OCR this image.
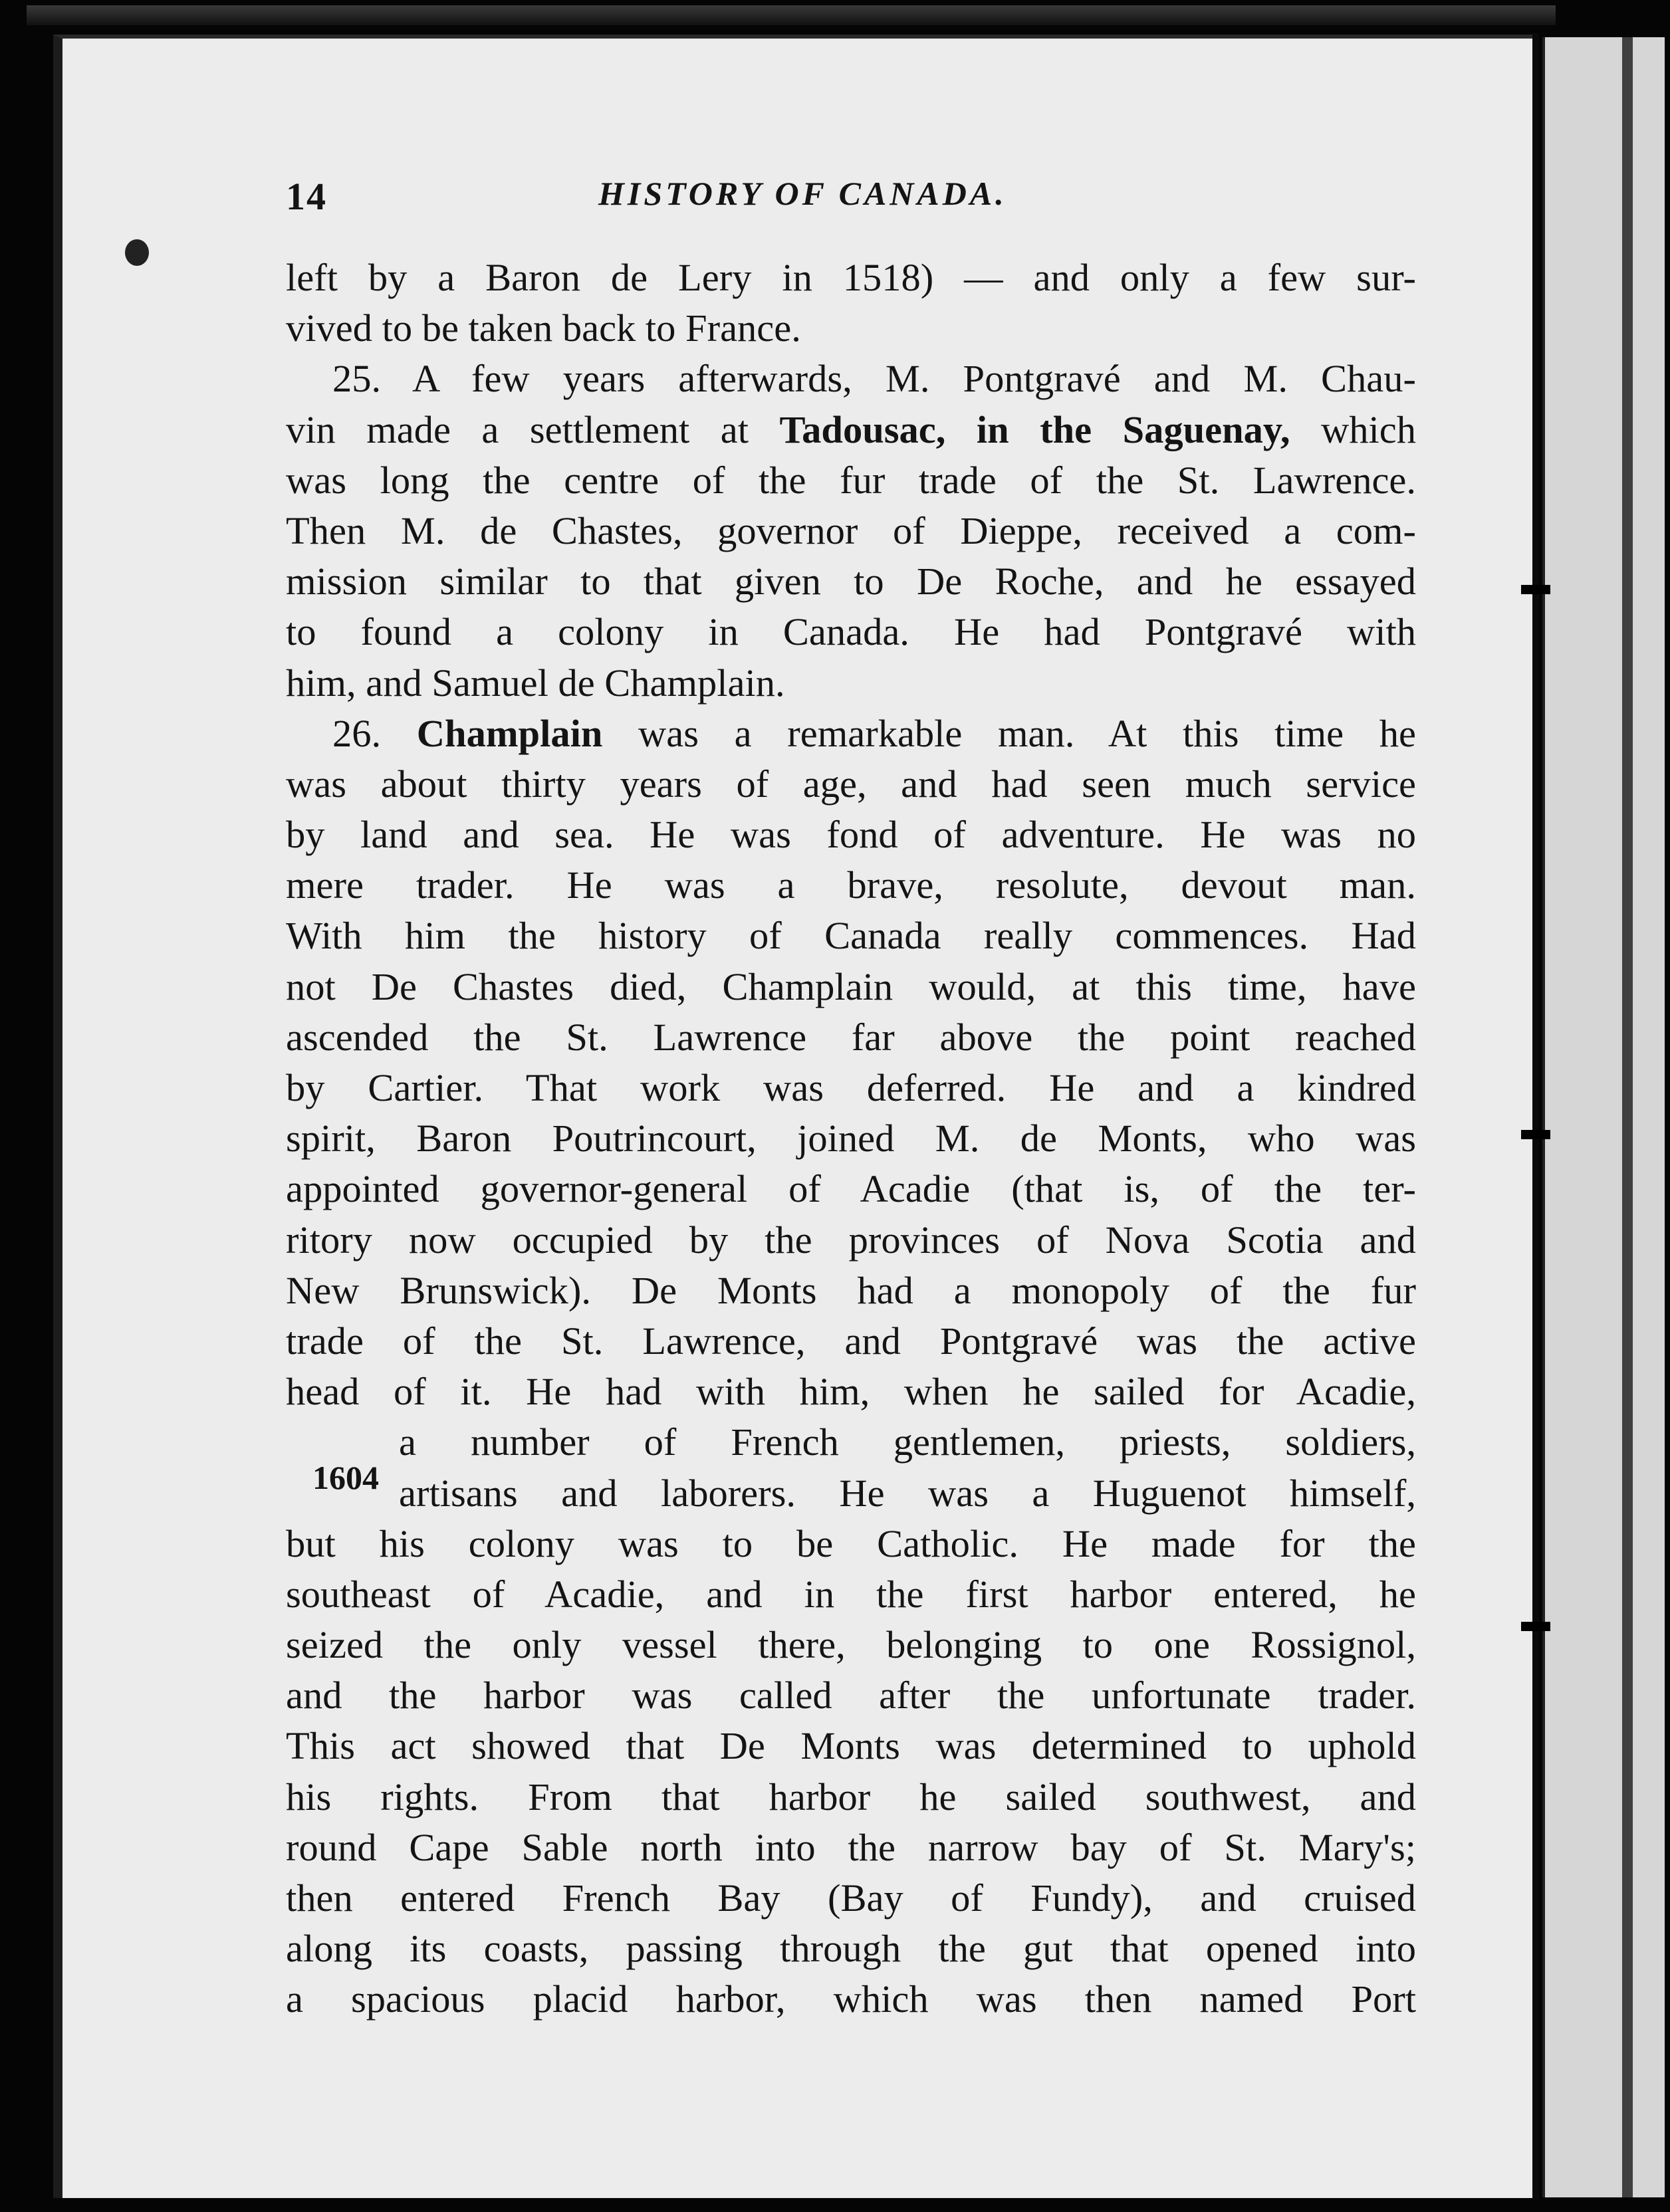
14	HISTORY OF CANADA.
left by a Baron de Lery in 1518) — and only a few sur-
vived to be taken back to France.
25. A few years afterwards, M. Pontgravé and M. Chau-
vin made a settlement at Tadousac, in the Saguenay, which
was long the centre of the fur trade of the St. Lawrence.
Then M. de Chastes, governor of Dieppe, received a com-
mission similar to that given to De Roche, and he essayed
to found a colony in Canada. He had Pontgravé with
him, and Samuel de Champlain.
26. Champlain was a remarkable man. At this time he
was about thirty years of age, and had seen much service
by land and sea. He was fond of adventure. He was no
mere trader. He was a brave, resolute, devout man.
With him the history of Canada really commences. Had
not De Chastes died, Champlain would, at this time, have
ascended the St. Lawrence far above the point reached
by Cartier. That work was deferred. He and a kindred
spirit, Baron Poutrincourt, joined M. de Monts, who was
appointed governor-general of Acadie (that is, of the ter-
ritory now occupied by the provinces of Nova Scotia and
New Brunswick). De Monts had a monopoly of the fur
trade of the St. Lawrence, and Pontgravé was the active
head of it. He had with him, when he sailed for Acadie,
a number of French gentlemen, priests, soldiers,
artisans and laborers. He was a Huguenot himself,
but his colony was to be Catholic. He made for the
southeast of Acadie, and in the first harbor entered, he
seized the only vessel there, belonging to one Rossignol,
and the harbor was called after the unfortunate trader.
This act showed that De Monts was determined to uphold
his rights. From that harbor he sailed southwest, and
round Cape Sable north into the narrow bay of St. Mary's;
then entered French Bay (Bay of Fundy), and cruised
along its coasts, passing through the gut that opened into
a spacious placid harbor, which was then named Port
1604
